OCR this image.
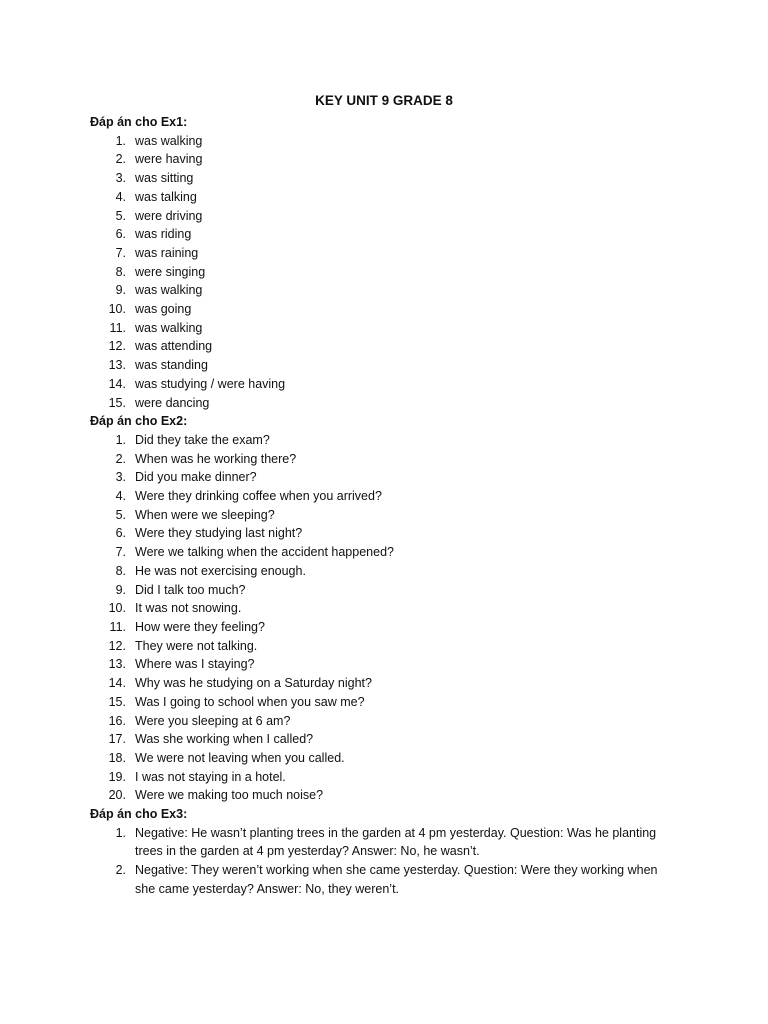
KEY UNIT 9 GRADE 8
Đáp án cho Ex1:
1. was walking
2. were having
3. was sitting
4. was talking
5. were driving
6. was riding
7. was raining
8. were singing
9. was walking
10. was going
11. was walking
12. was attending
13. was standing
14. was studying / were having
15. were dancing
Đáp án cho Ex2:
1. Did they take the exam?
2. When was he working there?
3. Did you make dinner?
4. Were they drinking coffee when you arrived?
5. When were we sleeping?
6. Were they studying last night?
7. Were we talking when the accident happened?
8. He was not exercising enough.
9. Did I talk too much?
10. It was not snowing.
11. How were they feeling?
12. They were not talking.
13. Where was I staying?
14. Why was he studying on a Saturday night?
15. Was I going to school when you saw me?
16. Were you sleeping at 6 am?
17. Was she working when I called?
18. We were not leaving when you called.
19. I was not staying in a hotel.
20. Were we making too much noise?
Đáp án cho Ex3:
1. Negative: He wasn’t planting trees in the garden at 4 pm yesterday. Question: Was he planting trees in the garden at 4 pm yesterday? Answer: No, he wasn’t.
2. Negative: They weren’t working when she came yesterday. Question: Were they working when she came yesterday? Answer: No, they weren’t.
